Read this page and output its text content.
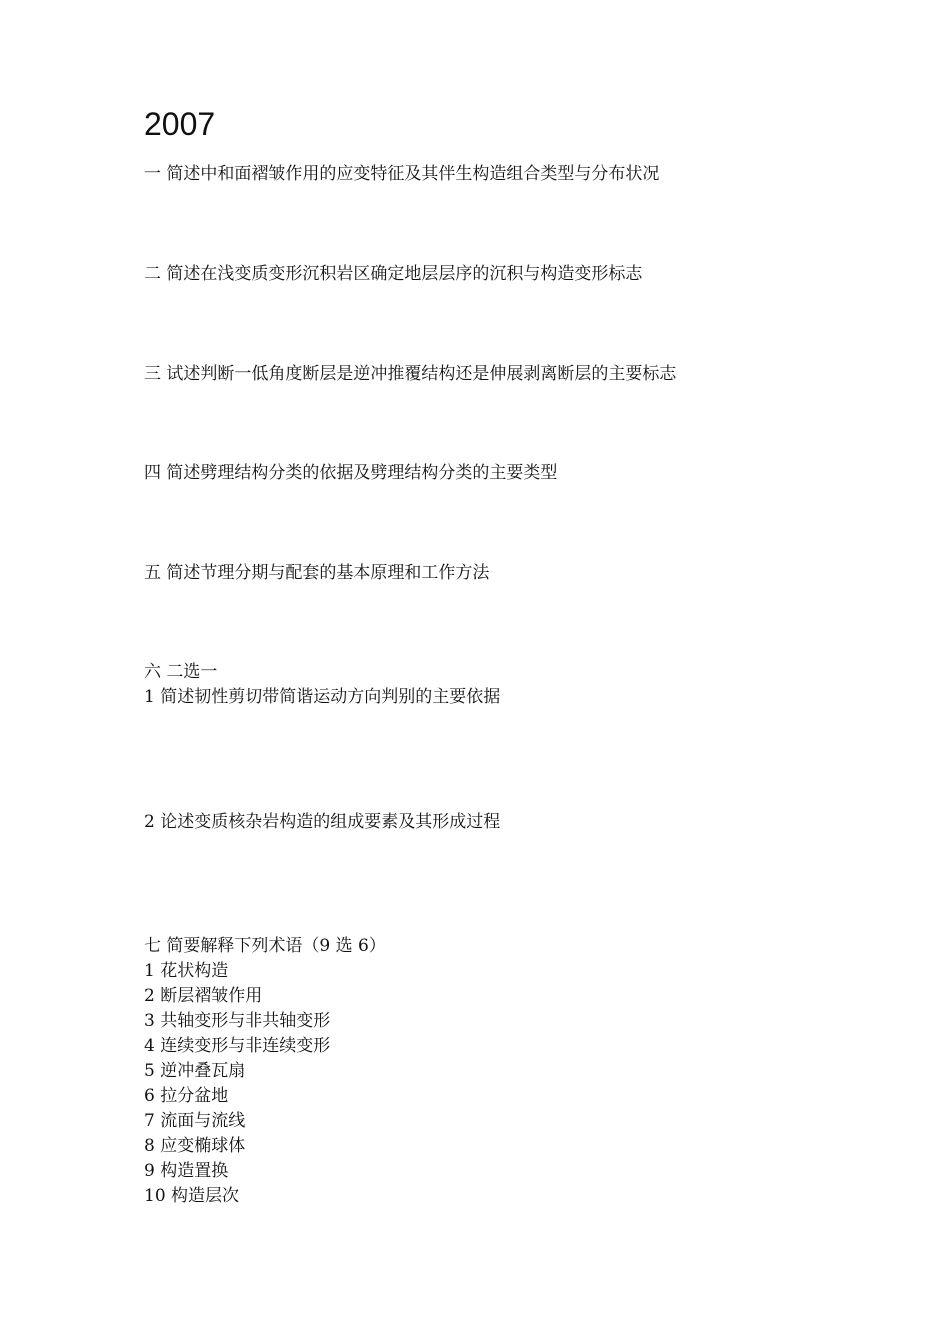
2007
一 简述中和面褶皱作用的应变特征及其伴生构造组合类型与分布状况
二 简述在浅变质变形沉积岩区确定地层层序的沉积与构造变形标志
三 试述判断一低角度断层是逆冲推覆结构还是伸展剥离断层的主要标志
四 简述劈理结构分类的依据及劈理结构分类的主要类型
五 简述节理分期与配套的基本原理和工作方法
六 二选一
1 简述韧性剪切带简谐运动方向判别的主要依据
2 论述变质核杂岩构造的组成要素及其形成过程
七 简要解释下列术语（9 选 6）
1 花状构造
2 断层褶皱作用
3 共轴变形与非共轴变形
4 连续变形与非连续变形
5 逆冲叠瓦扇
6 拉分盆地
7 流面与流线
8 应变椭球体
9 构造置换
10 构造层次
